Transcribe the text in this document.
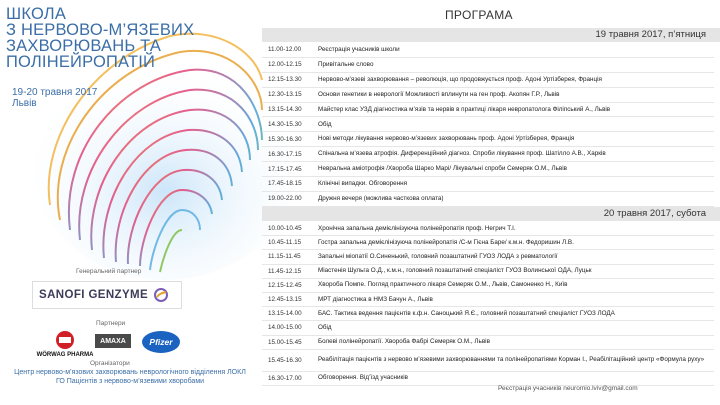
ШКОЛА
З НЕРВОВО-М’ЯЗЕВИХ
ЗАХВОРЮВАНЬ ТА
ПОЛІНЕЙРОПАТІЙ
19-20 травня 2017
Львів
Генеральний партнер
SANOFI GENZYME
Партнери
WÖRWAG PHARMA
AMAXA	Pfizer
Організатори
Центр нервово-м’язових захворювань неврологічного відділення ЛОКЛ ГО Пацієнтів з нервово-м’язевими хворобами
ПРОГРАМА
19 травня 2017, п’ятниця
11.00-12.00	Реєстрація учасників школи
12.00-12.15	Привітальне слово
12.15-13.30	Нервово-м’язеві захворювання – революція, що продовжується проф. Адоні Уртізберея, Франція
12.30-13.15	Основи генетики в неврології Можливості вплинути на ген проф. Акопян Г.Р., Львів
13.15-14.30	Майстер клас УЗД діагностика м’язів та нервів в практиці лікаря невропатолога Філіпський А., Львів
14.30-15.30	Обід
15.30-16.30	Нові методи лікування нервово-м’язевих захворювань проф. Адоні Уртізберея, Франція
16.30-17.15	Спінальна м’язева атрофія. Диференційний діагноз. Спроби лікування проф. Шатілло А.В., Харків
17.15-17.45	Невральна аміотрофія /Хвороба Шарко Марі/ Лікувальні спроби Семеряк О.М., Львів
17.45-18.15	Клінічні випадки. Обговорення
19.00-22.00	Дружня вечеря (можлива часткова оплата)
20 травня 2017, субота
10.00-10.45	Хронічна запальна демієлінізуюча полінейропатія проф. Негрич Т.І.
10.45-11.15	Гостра запальна демієлінізуюча полінейропатія /С-м Гієна Баре/ к.м.н. Федоришин Л.В.
11.15-11.45	Запальні міопатії О.Синенький, головний позаштатний ГУОЗ ЛОДА з ревматології
11.45-12.15	Міастенія Шульга О.Д., к.м.н., головний позаштатний спеціаліст ГУОЗ Волинської ОДА, Луцьк
12.15-12.45	Хвороба Помпе. Погляд практичного лікаря Семеряк О.М., Львів, Самоненко Н., Київ
12.45-13.15	МРТ діагностика в НМЗ Бачун А., Львів
13.15-14.00	БАС. Тактика ведення пацієнтів к.ф.н. Саноцький Я.Є., головний позаштатний спеціаліст ГУОЗ ЛОДА
14.00-15.00	Обід
15.00-15.45	Болеві полінейропатії. Хвороба Фабрі Семеряк О.М., Львів
15.45-16.30	Реабілітація пацієнтів з нервово м’язевими захворюваннями та полінейропатіями Корман І., Реабілітаційний центр «Формула руху»
16.30-17.00	Обговорення. Від’їзд учасників
Реєстрація учасників neuromio.lviv@gmail.com
